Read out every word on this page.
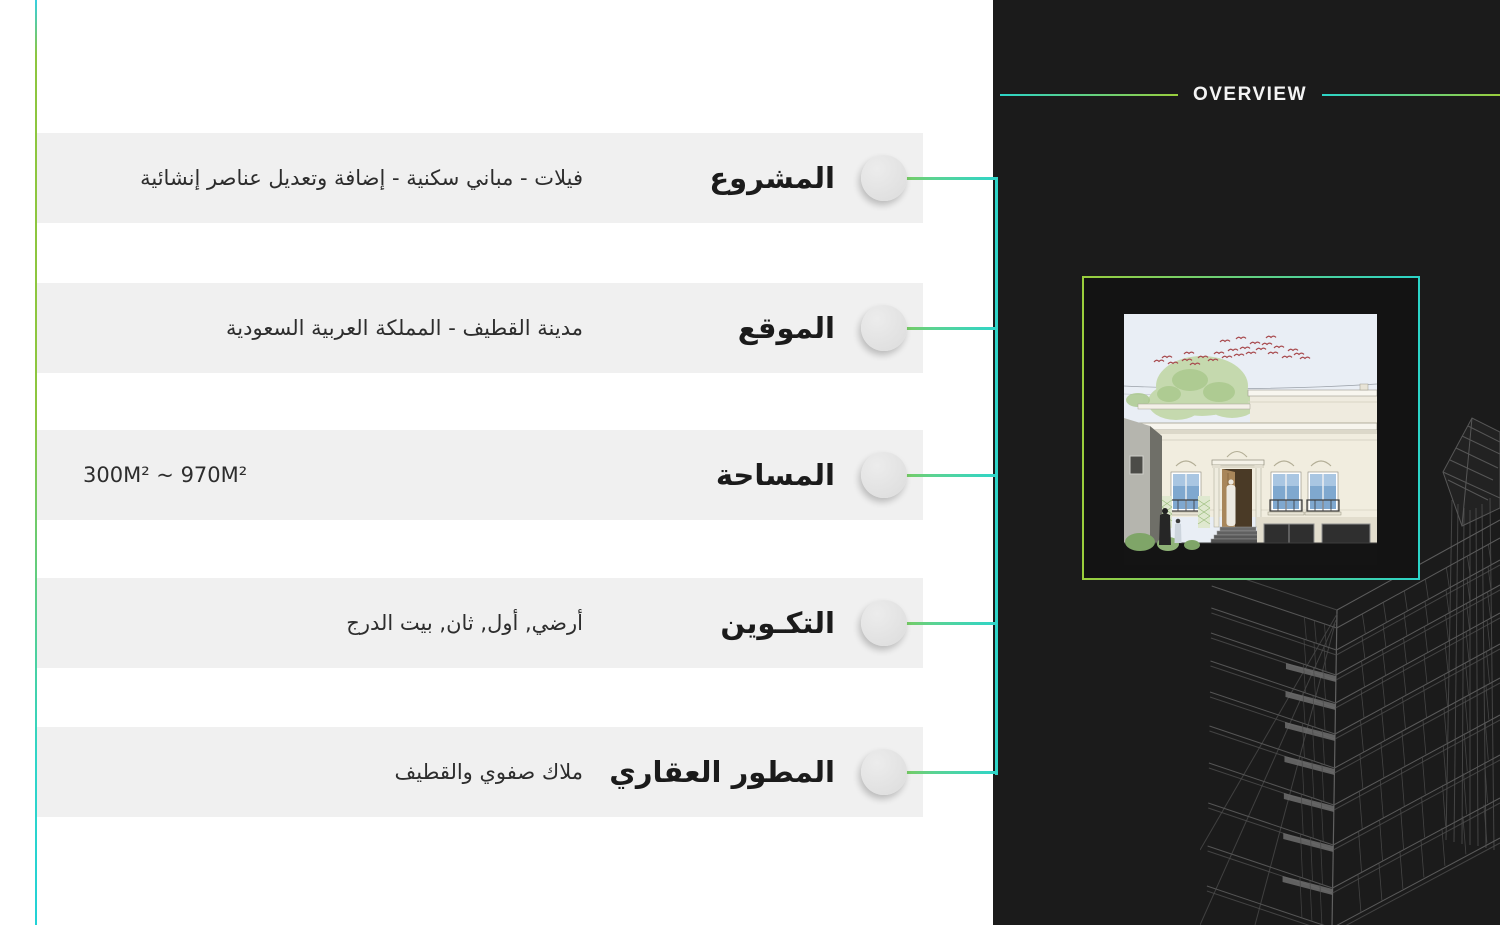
المشروع
فيلات - مباني سكنية - إضافة وتعديل عناصر إنشائية
الموقع
مدينة القطيف - المملكة العربية السعودية
المساحة
300M² ~ 970M²
التكـوين
أرضي, أول, ثان, بيت الدرج
المطور العقاري
ملاك صفوي والقطيف
OVERVIEW
